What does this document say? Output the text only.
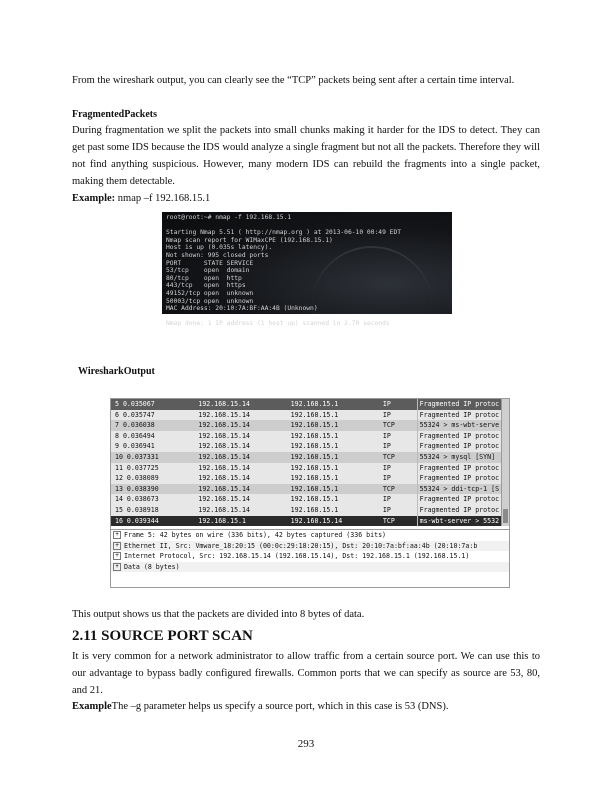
From the wireshark output, you can clearly see the “TCP” packets being sent after a certain time interval.

FragmentedPackets

During fragmentation we split the packets into small chunks making it harder for the IDS to detect. They can get past some IDS because the IDS would analyze a single fragment but not all the packets. Therefore they will not find anything suspicious. However, many modern IDS can rebuild the fragments into a single packet, making them detectable.

Example: nmap –f 192.168.15.1

root@root:~# nmap -f 192.168.15.1

Starting Nmap 5.51 ( http://nmap.org ) at 2013-06-10 00:49 EDT
Nmap scan report for WIMaxCPE (192.168.15.1)
Host is up (0.035s latency).
Not shown: 995 closed ports
PORT      STATE SERVICE
53/tcp    open  domain
80/tcp    open  http
443/tcp   open  https
49152/tcp open  unknown
50003/tcp open  unknown
MAC Address: 20:10:7A:BF:AA:4B (Unknown)

Nmap done: 1 IP address (1 host up) scanned in 2.70 seconds
WiresharkOutput
5 0.035067	192.168.15.14	192.168.15.1	IP	Fragmented IP protoc
6 0.035747	192.168.15.14	192.168.15.1	IP	Fragmented IP protoc
7 0.036038	192.168.15.14	192.168.15.1	TCP	55324 > ms-wbt-serve
8 0.036494	192.168.15.14	192.168.15.1	IP	Fragmented IP protoc
9 0.036941	192.168.15.14	192.168.15.1	IP	Fragmented IP protoc
10 0.037331	192.168.15.14	192.168.15.1	TCP	55324 > mysql [SYN]
11 0.037725	192.168.15.14	192.168.15.1	IP	Fragmented IP protoc
12 0.038089	192.168.15.14	192.168.15.1	IP	Fragmented IP protoc
13 0.038390	192.168.15.14	192.168.15.1	TCP	55324 > ddi-tcp-1 [S
14 0.038673	192.168.15.14	192.168.15.1	IP	Fragmented IP protoc
15 0.038918	192.168.15.14	192.168.15.1	IP	Fragmented IP protoc
16 0.039344	192.168.15.1	192.168.15.14	TCP	ms-wbt-server > 5532
+ Frame 5: 42 bytes on wire (336 bits), 42 bytes captured (336 bits)
+ Ethernet II, Src: Vmware_18:20:15 (00:0c:29:18:20:15), Dst: 20:10:7a:bf:aa:4b (20:10:7a:b
+ Internet Protocol, Src: 192.168.15.14 (192.168.15.14), Dst: 192.168.15.1 (192.168.15.1)
+ Data (8 bytes)

This output shows us that the packets are divided into 8 bytes of data.

2.11 SOURCE PORT SCAN

It is very common for a network administrator to allow traffic from a certain source port. We can use this to our advantage to bypass badly configured firewalls. Common ports that we can specify as source are 53, 80, and 21.

ExampleThe –g parameter helps us specify a source port, which in this case is 53 (DNS).

293
